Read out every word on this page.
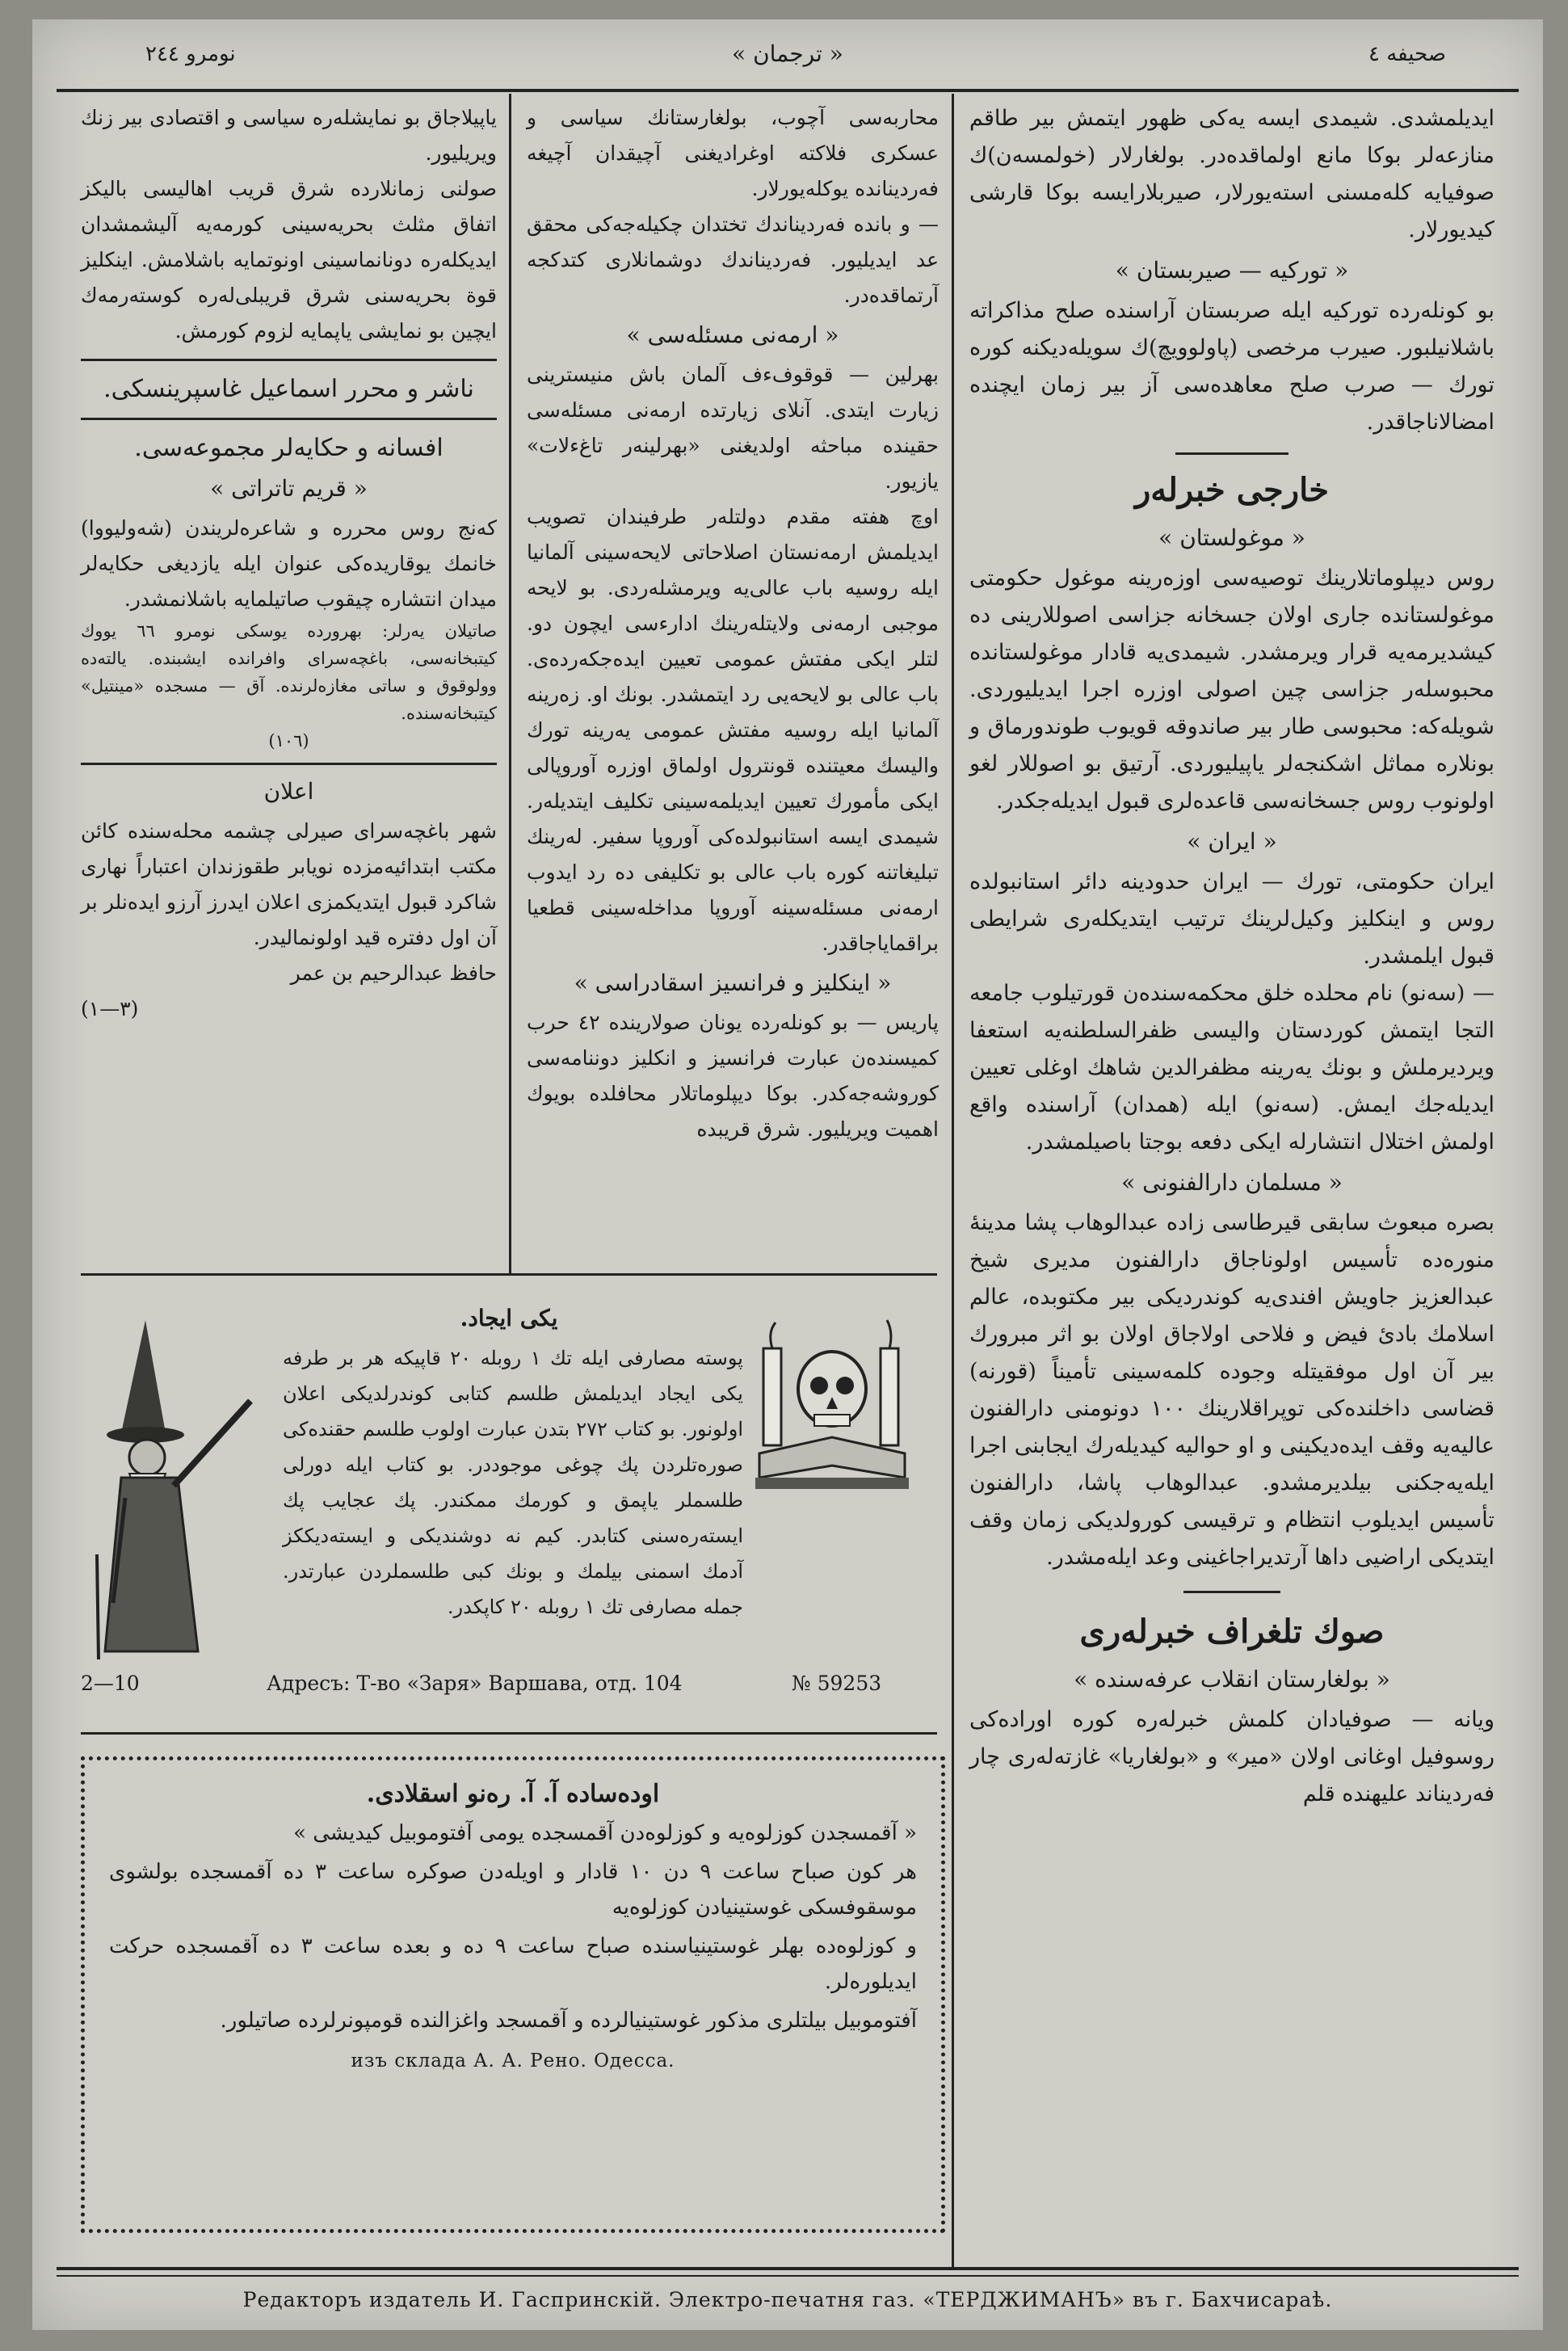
نومرو ٢٤٤	« ترجمان »	صحيفه ٤

ايديلمشدى. شيمدى ايسه يه‌كى ظهور ايتمش بير طاقم منازعه‌لر بوكا مانع اولماقده‌در. بولغارلار (خولمسه‌ن)ك صوفيايه كله‌مسنى استه‌يورلار، صيربلارايسه بوكا قارشى كيديورلار.

« توركيه — صيربستان »

بو كونله‌رده توركيه ايله صربستان آراسنده صلح مذاكراته باشلانيلبور. صيرب مرخصى (پاولوويچ)ك سويله‌ديكنه كوره تورك — صرب صلح معاهده‌سى آز بير زمان ايچنده امضالاناجاقدر.

خارجى خبرله‌ر
« موغولستان »

روس ديپلوماتلارينك توصيه‌سى اوزه‌رينه موغول حكومتى موغولستانده جارى اولان جسخانه جزاسى اصوللارينى ده كيشديرمه‌يه قرار ويرمشدر. شيمدى‌يه قادار موغولستانده محبوسله‌ر جزاسى چين اصولى اوزره اجرا ايديليوردى. شويله‌كه: محبوسى طار بير صاندوقه قويوب طوندورماق و بونلاره مماثل اشكنجه‌لر ياپيليوردى. آرتيق بو اصوللار لغو اولونوب روس جسخانه‌سى قاعده‌لرى قبول ايديله‌جكدر.

« ايران »

ايران حكومتى، تورك — ايران حدودينه دائر استانبولده روس و اينكليز وكيل‌لرينك ترتيب ايتديكله‌رى شرايطى قبول ايلمشدر.

— (سه‌نو) نام محلده خلق محكمه‌سنده‌ن قورتيلوب جامعه التجا ايتمش كوردستان واليسى ظفرالسلطنه‌يه استعفا ويرديرملش و بونك يه‌رينه مظفرالدين شاهك اوغلى تعيين ايديله‌جك ايمش. (سه‌نو) ايله (همدان) آراسنده واقع اولمش اختلال انتشارله ايكى دفعه بوجتا باصيلمشدر.

« مسلمان دارالفنونى »

بصره مبعوث سابقى قيرطاسى زاده عبدالوهاب پشا مدينهٔ منوره‌ده تأسيس اولوناجاق دارالفنون مديرى شيخ عبدالعزيز جاويش افندى‌يه كوندرديكى بير مكتوبده، عالم اسلامك بادئ فيض و فلاحى اولاجاق اولان بو اثر مبرورك بير آن اول موفقيتله وجوده كلمه‌سينى تأميناً (قورنه) قضاسى داخلنده‌كى توپراقلارينك ١٠٠ دونومنى دارالفنون عاليه‌يه وقف ايده‌ديكينى و او حواليه كيديله‌رك ايجابنى اجرا ايله‌يه‌جكنى بيلديرمشدو. عبدالوهاب پاشا، دارالفنون تأسيس ايديلوب انتظام و ترقيسى كورولديكى زمان وقف ايتديكى اراضيى داها آرتديراجاغينى وعد ايله‌مشدر.

صوك تلغراف خبرله‌رى
« بولغارستان انقلاب عرفه‌سنده »

ويانه — صوفيادان كلمش خبرله‌ره كوره اوراده‌كى روسوفيل اوغانى اولان «مير» و «بولغاريا» غازته‌له‌رى چار فه‌رديناند عليهنده قلم

محاربه‌سى آچوب، بولغارستانك سياسى و عسكرى فلاكته اوغراديغنى آچيقدان آچيغه فه‌ردينانده يوكله‌يورلار.

— و بانده فه‌رديناندك تختدان چكيله‌جه‌كى محقق عد ايديليور. فه‌رديناندك دوشمانلارى كتدكجه آرتماقده‌در.

« ارمه‌نى مسئله‌سى »

بهرلين — قوقوفءف آلمان باش منيسترينى زيارت ايتدى. آنلاى زيارتده ارمه‌نى مسئله‌سى حقينده مباحثه اولديغنى «بهرلينه‌ر تاغءلات» يازيور.

اوچ هفته مقدم دولتله‌ر طرفيندان تصويب ايديلمش ارمه‌نستان اصلاحاتى لايحه‌سينى آلمانيا ايله روسيه باب عالى‌يه ويرمشله‌ردى. بو لايحه موجبى ارمه‌نى ولايتله‌رينك ادارءسى ايچون دو. لتلر ايكى مفتش عمومى تعيين ايده‌جكه‌رده‌ى. باب عالى بو لايحه‌يى رد ايتمشدر. بونك او. زه‌رينه آلمانيا ايله روسيه مفتش عمومى يه‌رينه تورك واليسك معيتنده قونترول اولماق اوزره آوروپالى ايكى مأمورك تعيين ايديلمه‌سينى تكليف ايتديله‌ر. شيمدى ايسه استانبولده‌كى آوروپا سفير. له‌رينك تبليغاتنه كوره باب عالى بو تكليفى ده رد ايدوب ارمه‌نى مسئله‌سينه آوروپا مداخله‌سينى قطعيا براقماياجاقدر.

« اينكليز و فرانسيز اسقادراسى »

پاريس — بو كونله‌رده يونان صولارينده ٤٢ حرب كميسنده‌ن عبارت فرانسيز و انكليز دوننامه‌سى كوروشه‌جه‌كدر. بوكا ديپلوماتلار محافلده بويوك اهميت ويريليور. شرق قريبده

ياپيلاجاق بو نمايشله‌ره سياسى و اقتصادى بير زنك ويريليور.

صولنى زمانلارده شرق قريب اهاليسى باليكز اتفاق مثلث بحريه‌سينى كورمه‌يه آليشمشدان ايديكله‌ره دونانماسينى اونوتمايه باشلامش. اينكليز قوة بحريه‌سنى شرق قريبلى‌له‌ره كوسته‌رمه‌ك ايچين بو نمايشى ياپمايه لزوم كورمش.

ناشر و محرر اسماعيل غاسپرينسكى.
افسانه و حكايه‌لر مجموعه‌سى.
« قريم تاتراتى »

كه‌نج روس محرره و شاعره‌لريندن (شه‌وليووا) خانمك يوقاريده‌كى عنوان ايله يازديغى حكايه‌لر ميدان انتشاره چيقوب صاتيلمايه باشلانمشدر.

صاتيلان يه‌رلر: بهرورده يوسكى نومرو ٦٦ يووك كيتبخانه‌سى، باغچه‌سراى وافرانده ايشبنده. يالته‌ده وولوقوق و ساتى مغازه‌لرنده. آق — مسجده «مينتيل» كيتبخانه‌سنده.

(١٠٦)

اعلان

شهر باغچه‌سراى صيرلى چشمه محله‌سنده كائن مكتب ابتدائيه‌مزده نويابر طقوزندان اعتباراً نهارى شاكرد قبول ايتديكمزى اعلان ايدرز آرزو ايده‌نلر بر آن اول دفتره قيد اولونماليدر.

حافظ عبدالرحيم بن عمر

(٣—١)

يكى ايجاد.
پوسته مصارفى ايله تك ١ روبله ٢٠ قاپيكه هر بر طرفه يكى ايجاد ايديلمش طلسم كتابى كوندرلديكى اعلان اولونور. بو كتاب ٢٧٢ بتدن عبارت اولوب طلسم حقنده‌كى صوره‌تلردن پك چوغى موجوددر. بو كتاب ايله دورلى طلسملر ياپمق و كورمك ممكندر. پك عجايب پك ايسته‌ره‌سنى كتابدر. كيم نه دوشنديكى و ايسته‌ديككز آدمك اسمنى بيلمك و بونك كبى طلسملردن عبارتدر. جمله مصارفى تك ١ روبله ٢٠ كاپكدر.
2—10	Адресъ: Т-во «Заря» Варшава, отд. 104	№ 59253
اوده‌ساده آ. آ. ره‌نو اسقلادى.

« آقمسجدن كوزلوه‌يه و كوزلوه‌دن آقمسجده يومى آفتوموبيل كيديشى »

هر كون صباح ساعت ٩ دن ١٠ قادار و اويله‌دن صوكره ساعت ٣ ده آقمسجده بولشوى موسقوفسكى غوستينيادن كوزلوه‌يه

و كوزلوه‌ده بهلر غوستينياسنده صباح ساعت ٩ ده و بعده ساعت ٣ ده آقمسجده حركت ايديلوره‌لر.

آفتوموبيل بيلتلرى مذكور غوستينيالرده و آقمسجد واغزالنده قومپونرلرده صاتيلور.

изъ склада А. А. Рено. Одесса.
Редакторъ издатель И. Гаспринскій. Электро-печатня газ. «ТЕРДЖИМАНЪ» въ г. Бахчисараѣ.
